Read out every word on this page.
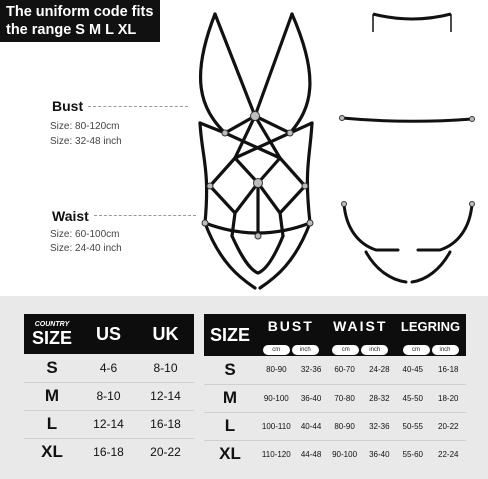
The uniform code fits
the range S M L XL
Bust
Size: 80-120cm
Size: 32-48 inch
Waist
Size: 60-100cm
Size: 24-40 inch
COUNTRY
SIZE	US	UK
S	4-6	8-10
M	8-10	12-14
L	12-14	16-18
XL	16-18	20-22
SIZE	BUST		WAIST		LEGRING	
	cm inch		cm inch		cm inch	
S	80-90	32-36	60-70	24-28	40-45	16-18
M	90-100	36-40	70-80	28-32	45-50	18-20
L	100-110	40-44	80-90	32-36	50-55	20-22
XL	110-120	44-48	90-100	36-40	55-60	22-24
